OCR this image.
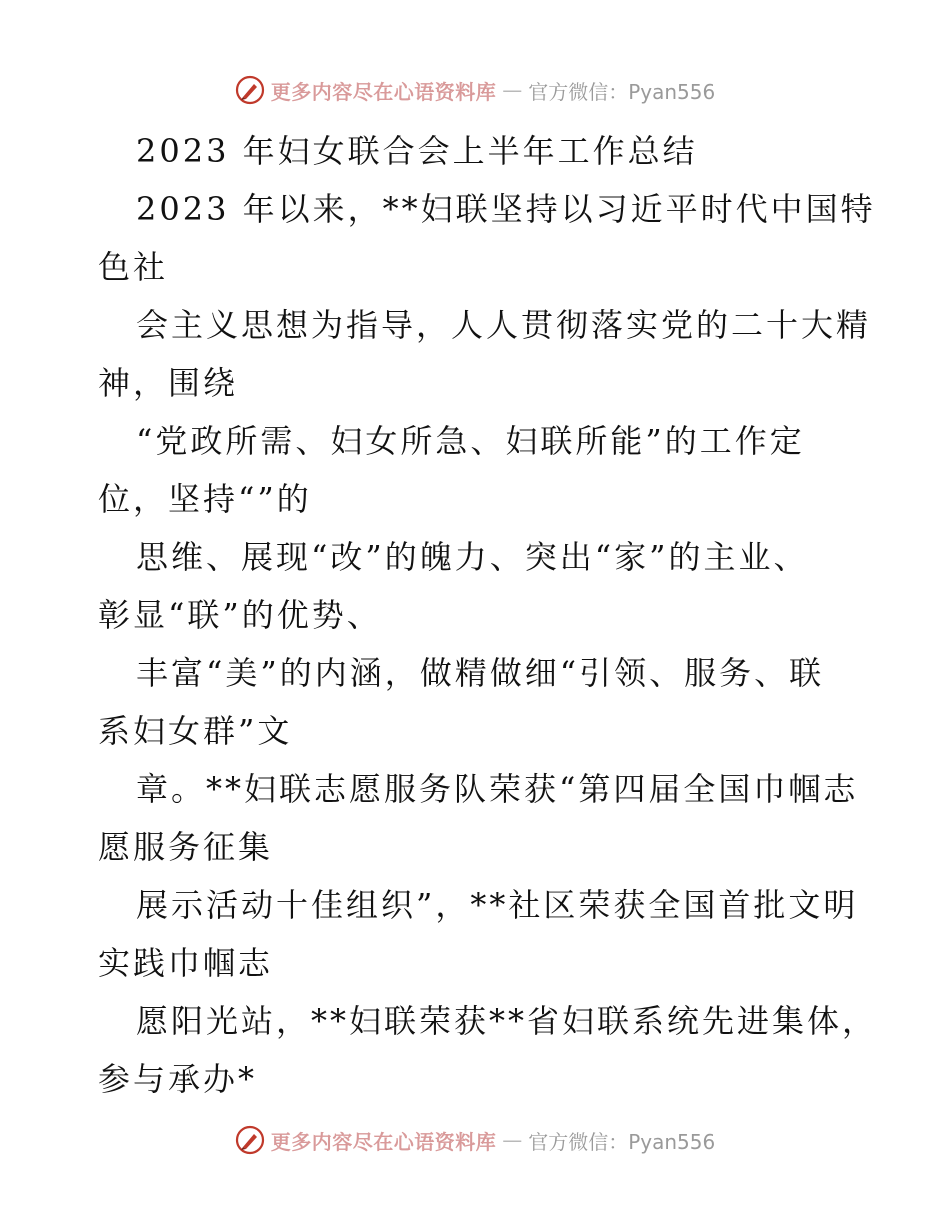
更多内容尽在心语资料库 — 官方微信：Pyan556
2023 年妇女联合会上半年工作总结
2023 年以来，**妇联坚持以习近平时代中国特
色社
会主义思想为指导，人人贯彻落实党的二十大精
神，围绕
“党政所需、妇女所急、妇联所能”的工作定
位，坚持“”的
思维、展现“改”的魄力、突出“家”的主业、
彰显“联”的优势、
丰富“美”的内涵，做精做细“引领、服务、联
系妇女群”文
章。**妇联志愿服务队荣获“第四届全国巾帼志
愿服务征集
展示活动十佳组织”，**社区荣获全国首批文明
实践巾帼志
愿阳光站，**妇联荣获**省妇联系统先进集体，
参与承办*
更多内容尽在心语资料库 — 官方微信：Pyan556
